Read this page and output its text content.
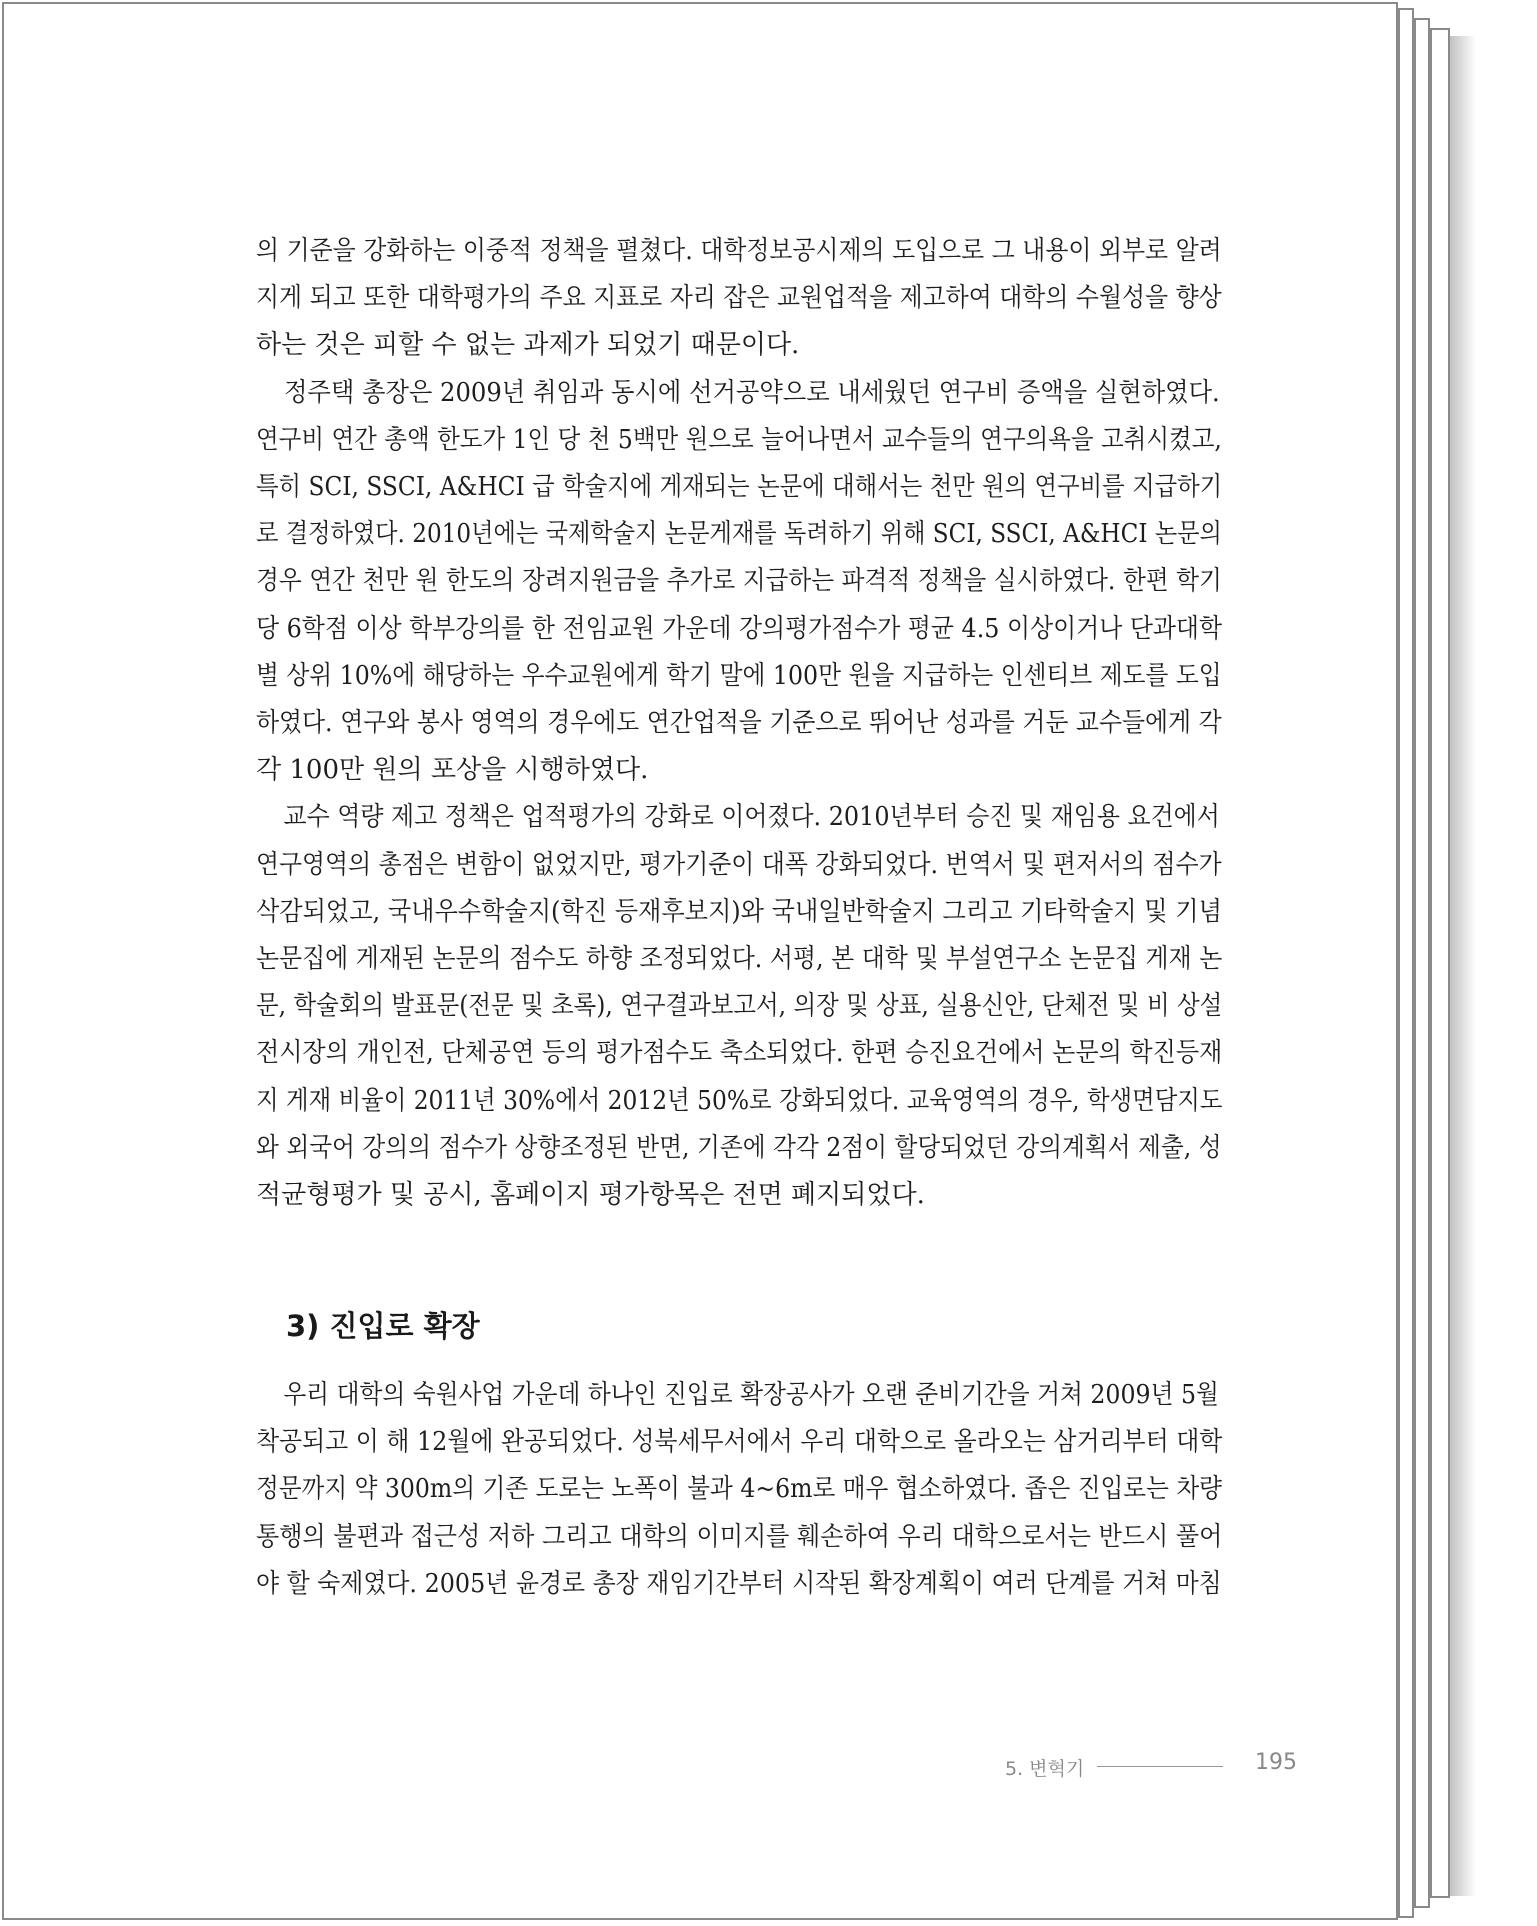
의 기준을 강화하는 이중적 정책을 펼쳤다. 대학정보공시제의 도입으로 그 내용이 외부로 알려
지게 되고 또한 대학평가의 주요 지표로 자리 잡은 교원업적을 제고하여 대학의 수월성을 향상
하는 것은 피할 수 없는 과제가 되었기 때문이다.

정주택 총장은 2009년 취임과 동시에 선거공약으로 내세웠던 연구비 증액을 실현하였다.
연구비 연간 총액 한도가 1인 당 천 5백만 원으로 늘어나면서 교수들의 연구의욕을 고취시켰고,
특히 SCI, SSCI, A&HCI 급 학술지에 게재되는 논문에 대해서는 천만 원의 연구비를 지급하기
로 결정하였다. 2010년에는 국제학술지 논문게재를 독려하기 위해 SCI, SSCI, A&HCI 논문의
경우 연간 천만 원 한도의 장려지원금을 추가로 지급하는 파격적 정책을 실시하였다. 한편 학기
당 6학점 이상 학부강의를 한 전임교원 가운데 강의평가점수가 평균 4.5 이상이거나 단과대학
별 상위 10%에 해당하는 우수교원에게 학기 말에 100만 원을 지급하는 인센티브 제도를 도입
하였다. 연구와 봉사 영역의 경우에도 연간업적을 기준으로 뛰어난 성과를 거둔 교수들에게 각
각 100만 원의 포상을 시행하였다.

교수 역량 제고 정책은 업적평가의 강화로 이어졌다. 2010년부터 승진 및 재임용 요건에서
연구영역의 총점은 변함이 없었지만, 평가기준이 대폭 강화되었다. 번역서 및 편저서의 점수가
삭감되었고, 국내우수학술지(학진 등재후보지)와 국내일반학술지 그리고 기타학술지 및 기념
논문집에 게재된 논문의 점수도 하향 조정되었다. 서평, 본 대학 및 부설연구소 논문집 게재 논
문, 학술회의 발표문(전문 및 초록), 연구결과보고서, 의장 및 상표, 실용신안, 단체전 및 비 상설
전시장의 개인전, 단체공연 등의 평가점수도 축소되었다. 한편 승진요건에서 논문의 학진등재
지 게재 비율이 2011년 30%에서 2012년 50%로 강화되었다. 교육영역의 경우, 학생면담지도
와 외국어 강의의 점수가 상향조정된 반면, 기존에 각각 2점이 할당되었던 강의계획서 제출, 성
적균형평가 및 공시, 홈페이지 평가항목은 전면 폐지되었다.

3) 진입로 확장

우리 대학의 숙원사업 가운데 하나인 진입로 확장공사가 오랜 준비기간을 거쳐 2009년 5월
착공되고 이 해 12월에 완공되었다. 성북세무서에서 우리 대학으로 올라오는 삼거리부터 대학
정문까지 약 300m의 기존 도로는 노폭이 불과 4~6m로 매우 협소하였다. 좁은 진입로는 차량
통행의 불편과 접근성 저하 그리고 대학의 이미지를 훼손하여 우리 대학으로서는 반드시 풀어
야 할 숙제였다. 2005년 윤경로 총장 재임기간부터 시작된 확장계획이 여러 단계를 거쳐 마침

5. 변혁기	195
